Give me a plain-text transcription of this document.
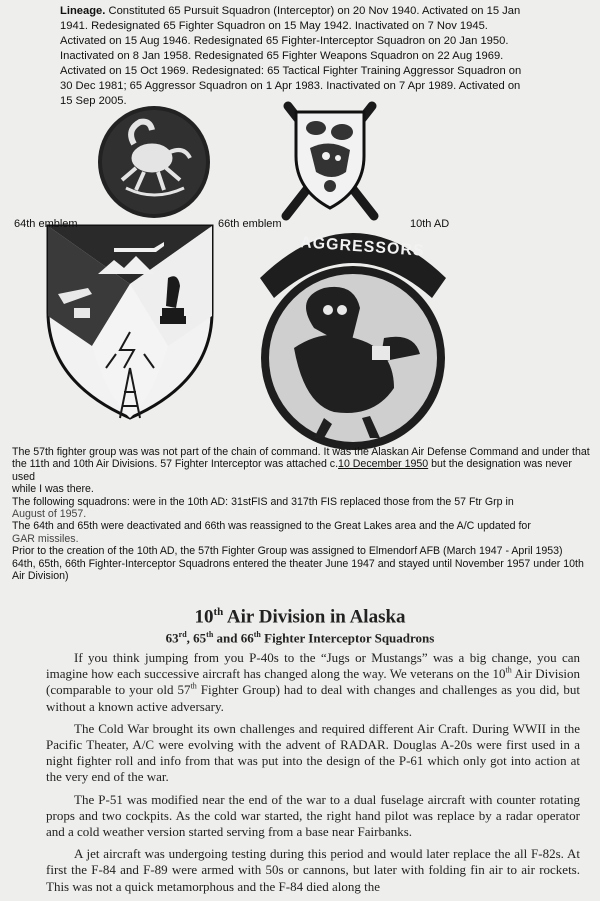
Lineage. Constituted 65 Pursuit Squadron (Interceptor) on 20 Nov 1940. Activated on 15 Jan 1941. Redesignated 65 Fighter Squadron on 15 May 1942. Inactivated on 7 Nov 1945. Activated on 15 Aug 1946. Redesignated 65 Fighter-Interceptor Squadron on 20 Jan 1950. Inactivated on 8 Jan 1958. Redesignated 65 Fighter Weapons Squadron on 22 Aug 1969. Activated on 15 Oct 1969. Redesignated: 65 Tactical Fighter Training Aggressor Squadron on 30 Dec 1981; 65 Aggressor Squadron on 1 Apr 1983. Inactivated on 7 Apr 1989. Activated on 15 Sep 2005.
AGGRESSORS
64th emblem	66th emblem	10th AD

The 57th fighter group was was not part of the chain of command. It was the Alaskan Air Defense Command and under that
the 11th and 10th Air Divisions. 57 Fighter Interceptor was attached c.10 December 1950 but the designation was never used
while I was there.

The following squadrons: were in the 10th AD: 31stFIS and 317th FIS replaced those from the 57 Ftr Grp in
August of 1957.

The 64th and 65th were deactivated and 66th was reassigned to the Great Lakes area and the A/C updated for
GAR missiles.

Prior to the creation of the 10th AD, the 57th Fighter Group was assigned to Elmendorf AFB (March 1947 - April 1953)

64th, 65th, 66th Fighter-Interceptor Squadrons entered the theater June 1947 and stayed until November 1957 under 10th Air Division)

10th Air Division in Alaska
63rd, 65th and 66th Fighter Interceptor Squadrons

If you think jumping from you P-40s to the “Jugs or Mustangs” was a big change, you can imagine how each successive aircraft has changed along the way. We veterans on the 10th Air Division (comparable to your old 57th Fighter Group) had to deal with changes and challenges as you did, but without a known active adversary.

The Cold War brought its own challenges and required different Air Craft. During WWII in the Pacific Theater, A/C were evolving with the advent of RADAR. Douglas A-20s were first used in a night fighter roll and info from that was put into the design of the P-61 which only got into action at the very end of the war.

The P-51 was modified near the end of the war to a dual fuselage aircraft with counter rotating props and two cockpits. As the cold war started, the right hand pilot was replace by a radar operator and a cold weather version started serving from a base near Fairbanks.

A jet aircraft was undergoing testing during this period and would later replace the all F-82s. At first the F-84 and F-89 were armed with 50s or cannons, but later with folding fin air to air rockets. This was not a quick metamorphous and the F-84 died along the
